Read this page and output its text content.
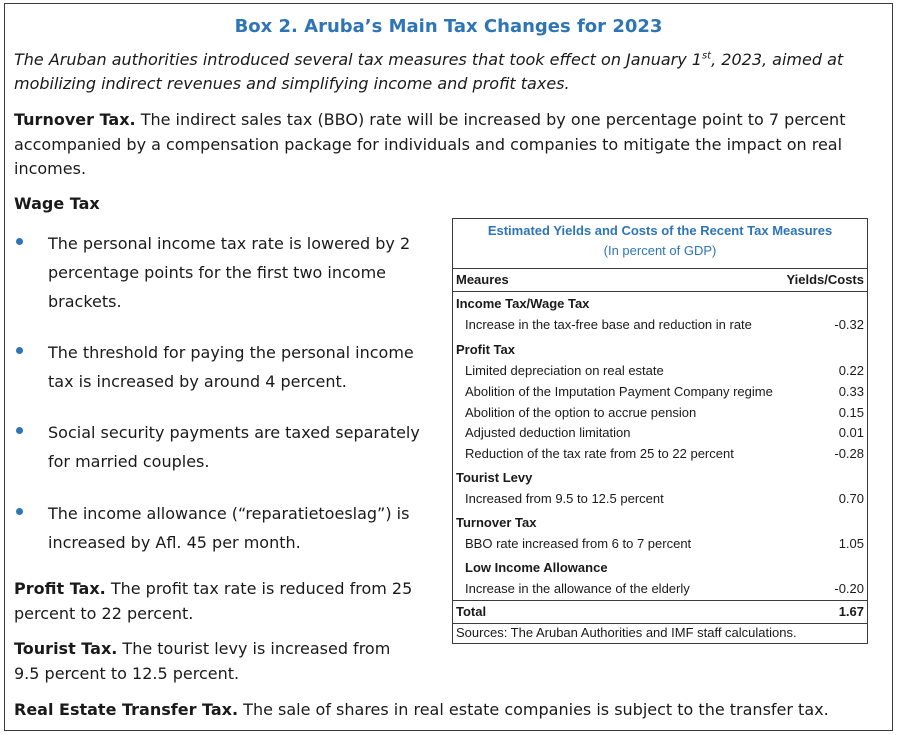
Box 2. Aruba’s Main Tax Changes for 2023
The Aruban authorities introduced several tax measures that took effect on January 1st, 2023, aimed at mobilizing indirect revenues and simplifying income and profit taxes.
Turnover Tax. The indirect sales tax (BBO) rate will be increased by one percentage point to 7 percent accompanied by a compensation package for individuals and companies to mitigate the impact on real incomes.
Wage Tax
The personal income tax rate is lowered by 2 percentage points for the first two income brackets.
The threshold for paying the personal income tax is increased by around 4 percent.
Social security payments are taxed separately for married couples.
The income allowance (“reparatietoeslag”) is increased by Afl. 45 per month.
Profit Tax. The profit tax rate is reduced from 25 percent to 22 percent.
Tourist Tax. The tourist levy is increased from 9.5 percent to 12.5 percent.
Real Estate Transfer Tax. The sale of shares in real estate companies is subject to the transfer tax.
Estimated Yields and Costs of the Recent Tax Measures
(In percent of GDP)
Meaures	Yields/Costs
Income Tax/Wage Tax
Increase in the tax-free base and reduction in rate	-0.32
Profit Tax
Limited depreciation on real estate	0.22
Abolition of the Imputation Payment Company regime	0.33
Abolition of the option to accrue pension	0.15
Adjusted deduction limitation	0.01
Reduction of the tax rate from 25 to 22 percent	-0.28
Tourist Levy
Increased from 9.5 to 12.5 percent	0.70
Turnover Tax
BBO rate increased from 6 to 7 percent	1.05
Low Income Allowance
Increase in the allowance of the elderly	-0.20
Total	1.67
Sources: The Aruban Authorities and IMF staff calculations.
